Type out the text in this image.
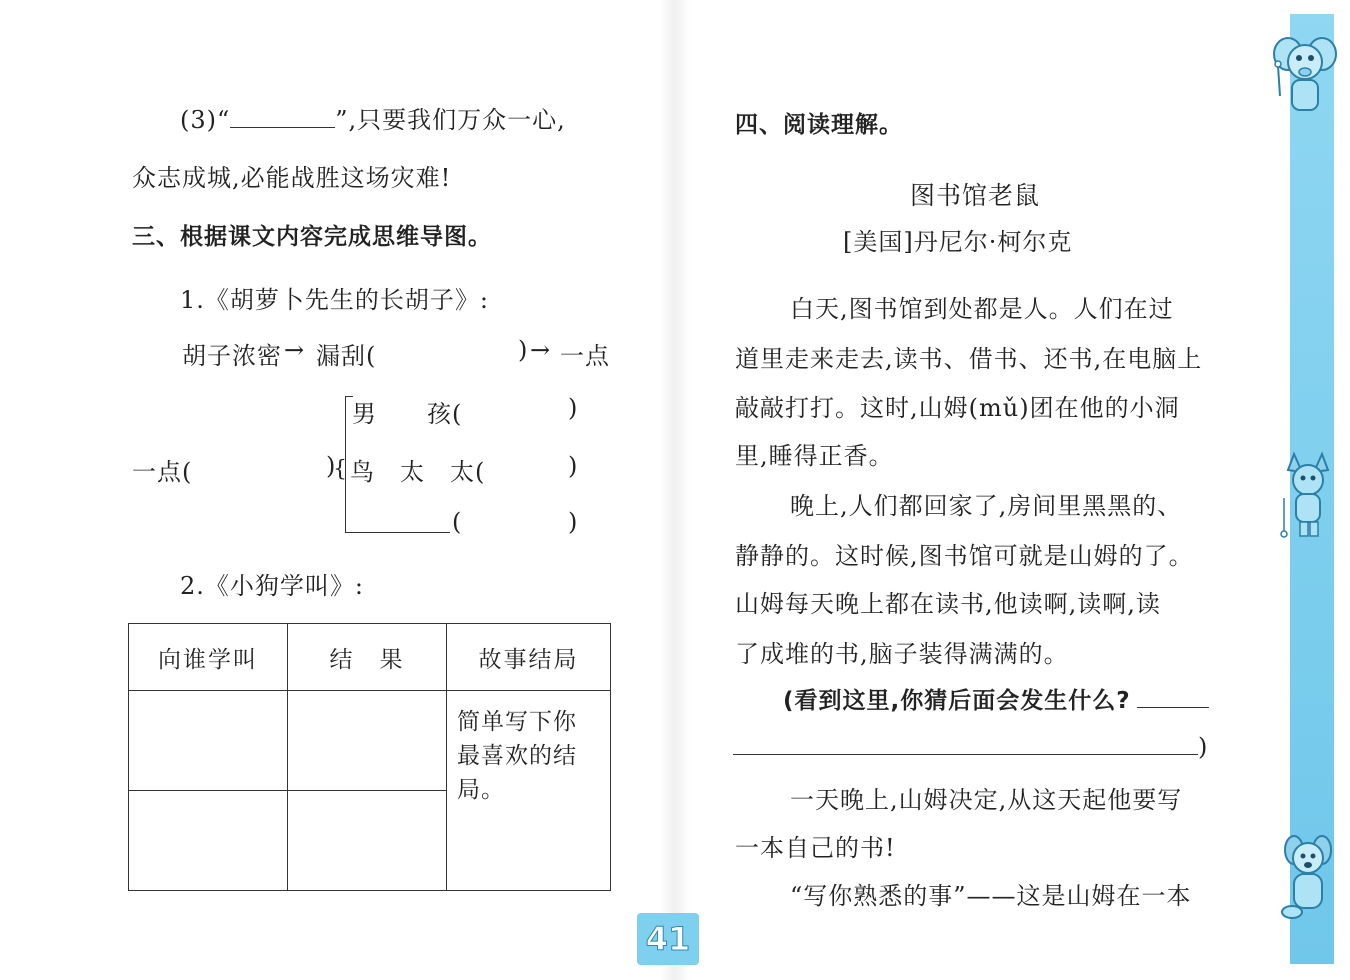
(3)“	”,只要我们万众一心,
众志成城,必能战胜这场灾难!
三、根据课文内容完成思维导图。
1.《胡萝卜先生的长胡子》:
胡子浓密 → 漏刮(	) → 一点
一点(	)
{
男　　孩(	)
鸟　太　太(	)
(	)
2.《小狗学叫》:
向谁学叫	结　果	故事结局
		简单写下你最喜欢的结局。

四、阅读理解。
图书馆老鼠
[美国]丹尼尔·柯尔克
白天,图书馆到处都是人。人们在过
道里走来走去,读书、借书、还书,在电脑上
敲敲打打。这时,山姆(mǔ)团在他的小洞
里,睡得正香。
晚上,人们都回家了,房间里黑黑的、
静静的。这时候,图书馆可就是山姆的了。
山姆每天晚上都在读书,他读啊,读啊,读
了成堆的书,脑子装得满满的。
(看到这里,你猜后面会发生什么?
)
一天晚上,山姆决定,从这天起他要写
一本自己的书!
“写你熟悉的事”——这是山姆在一本
41
